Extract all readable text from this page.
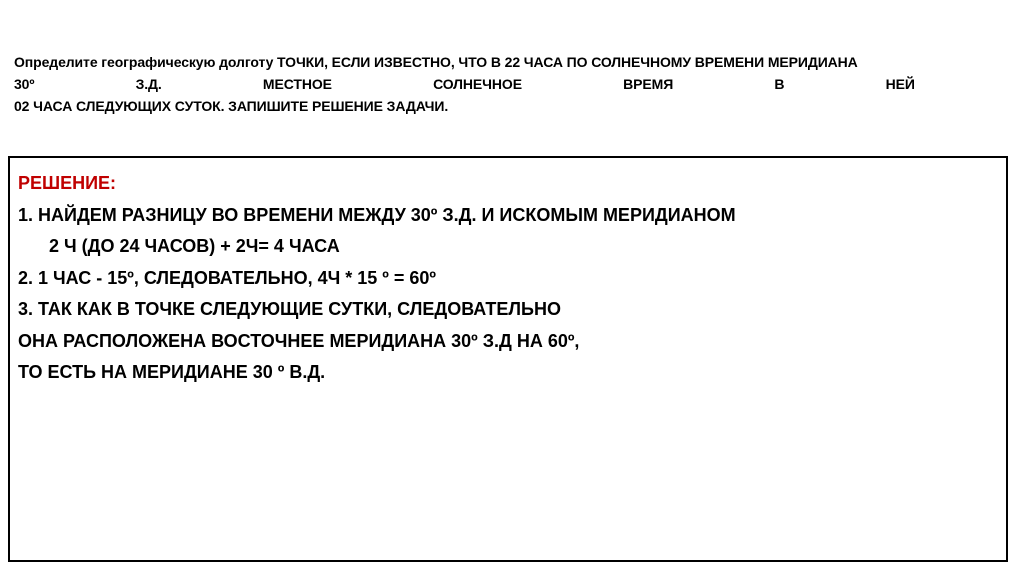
Определите географическую долготу ТОЧКИ, ЕСЛИ ИЗВЕСТНО, ЧТО В 22 ЧАСА ПО СОЛНЕЧНОМУ ВРЕМЕНИ МЕРИДИАНА
30º	З.Д.	МЕСТНОЕ	СОЛНЕЧНОЕ	ВРЕМЯ	В	НЕЙ
02 ЧАСА СЛЕДУЮЩИХ СУТОК. ЗАПИШИТЕ РЕШЕНИЕ ЗАДАЧИ.
РЕШЕНИЕ:
1. НАЙДЕМ РАЗНИЦУ ВО ВРЕМЕНИ МЕЖДУ 30º З.Д. И ИСКОМЫМ МЕРИДИАНОМ
2 Ч (ДО 24 ЧАСОВ) + 2Ч= 4 ЧАСА
2. 1 ЧАС - 15º, СЛЕДОВАТЕЛЬНО, 4Ч * 15 º = 60º
3. ТАК КАК В ТОЧКЕ СЛЕДУЮЩИЕ СУТКИ, СЛЕДОВАТЕЛЬНО
ОНА РАСПОЛОЖЕНА ВОСТОЧНЕЕ МЕРИДИАНА 30º З.Д НА 60º,
ТО ЕСТЬ НА МЕРИДИАНЕ 30 º В.Д.
